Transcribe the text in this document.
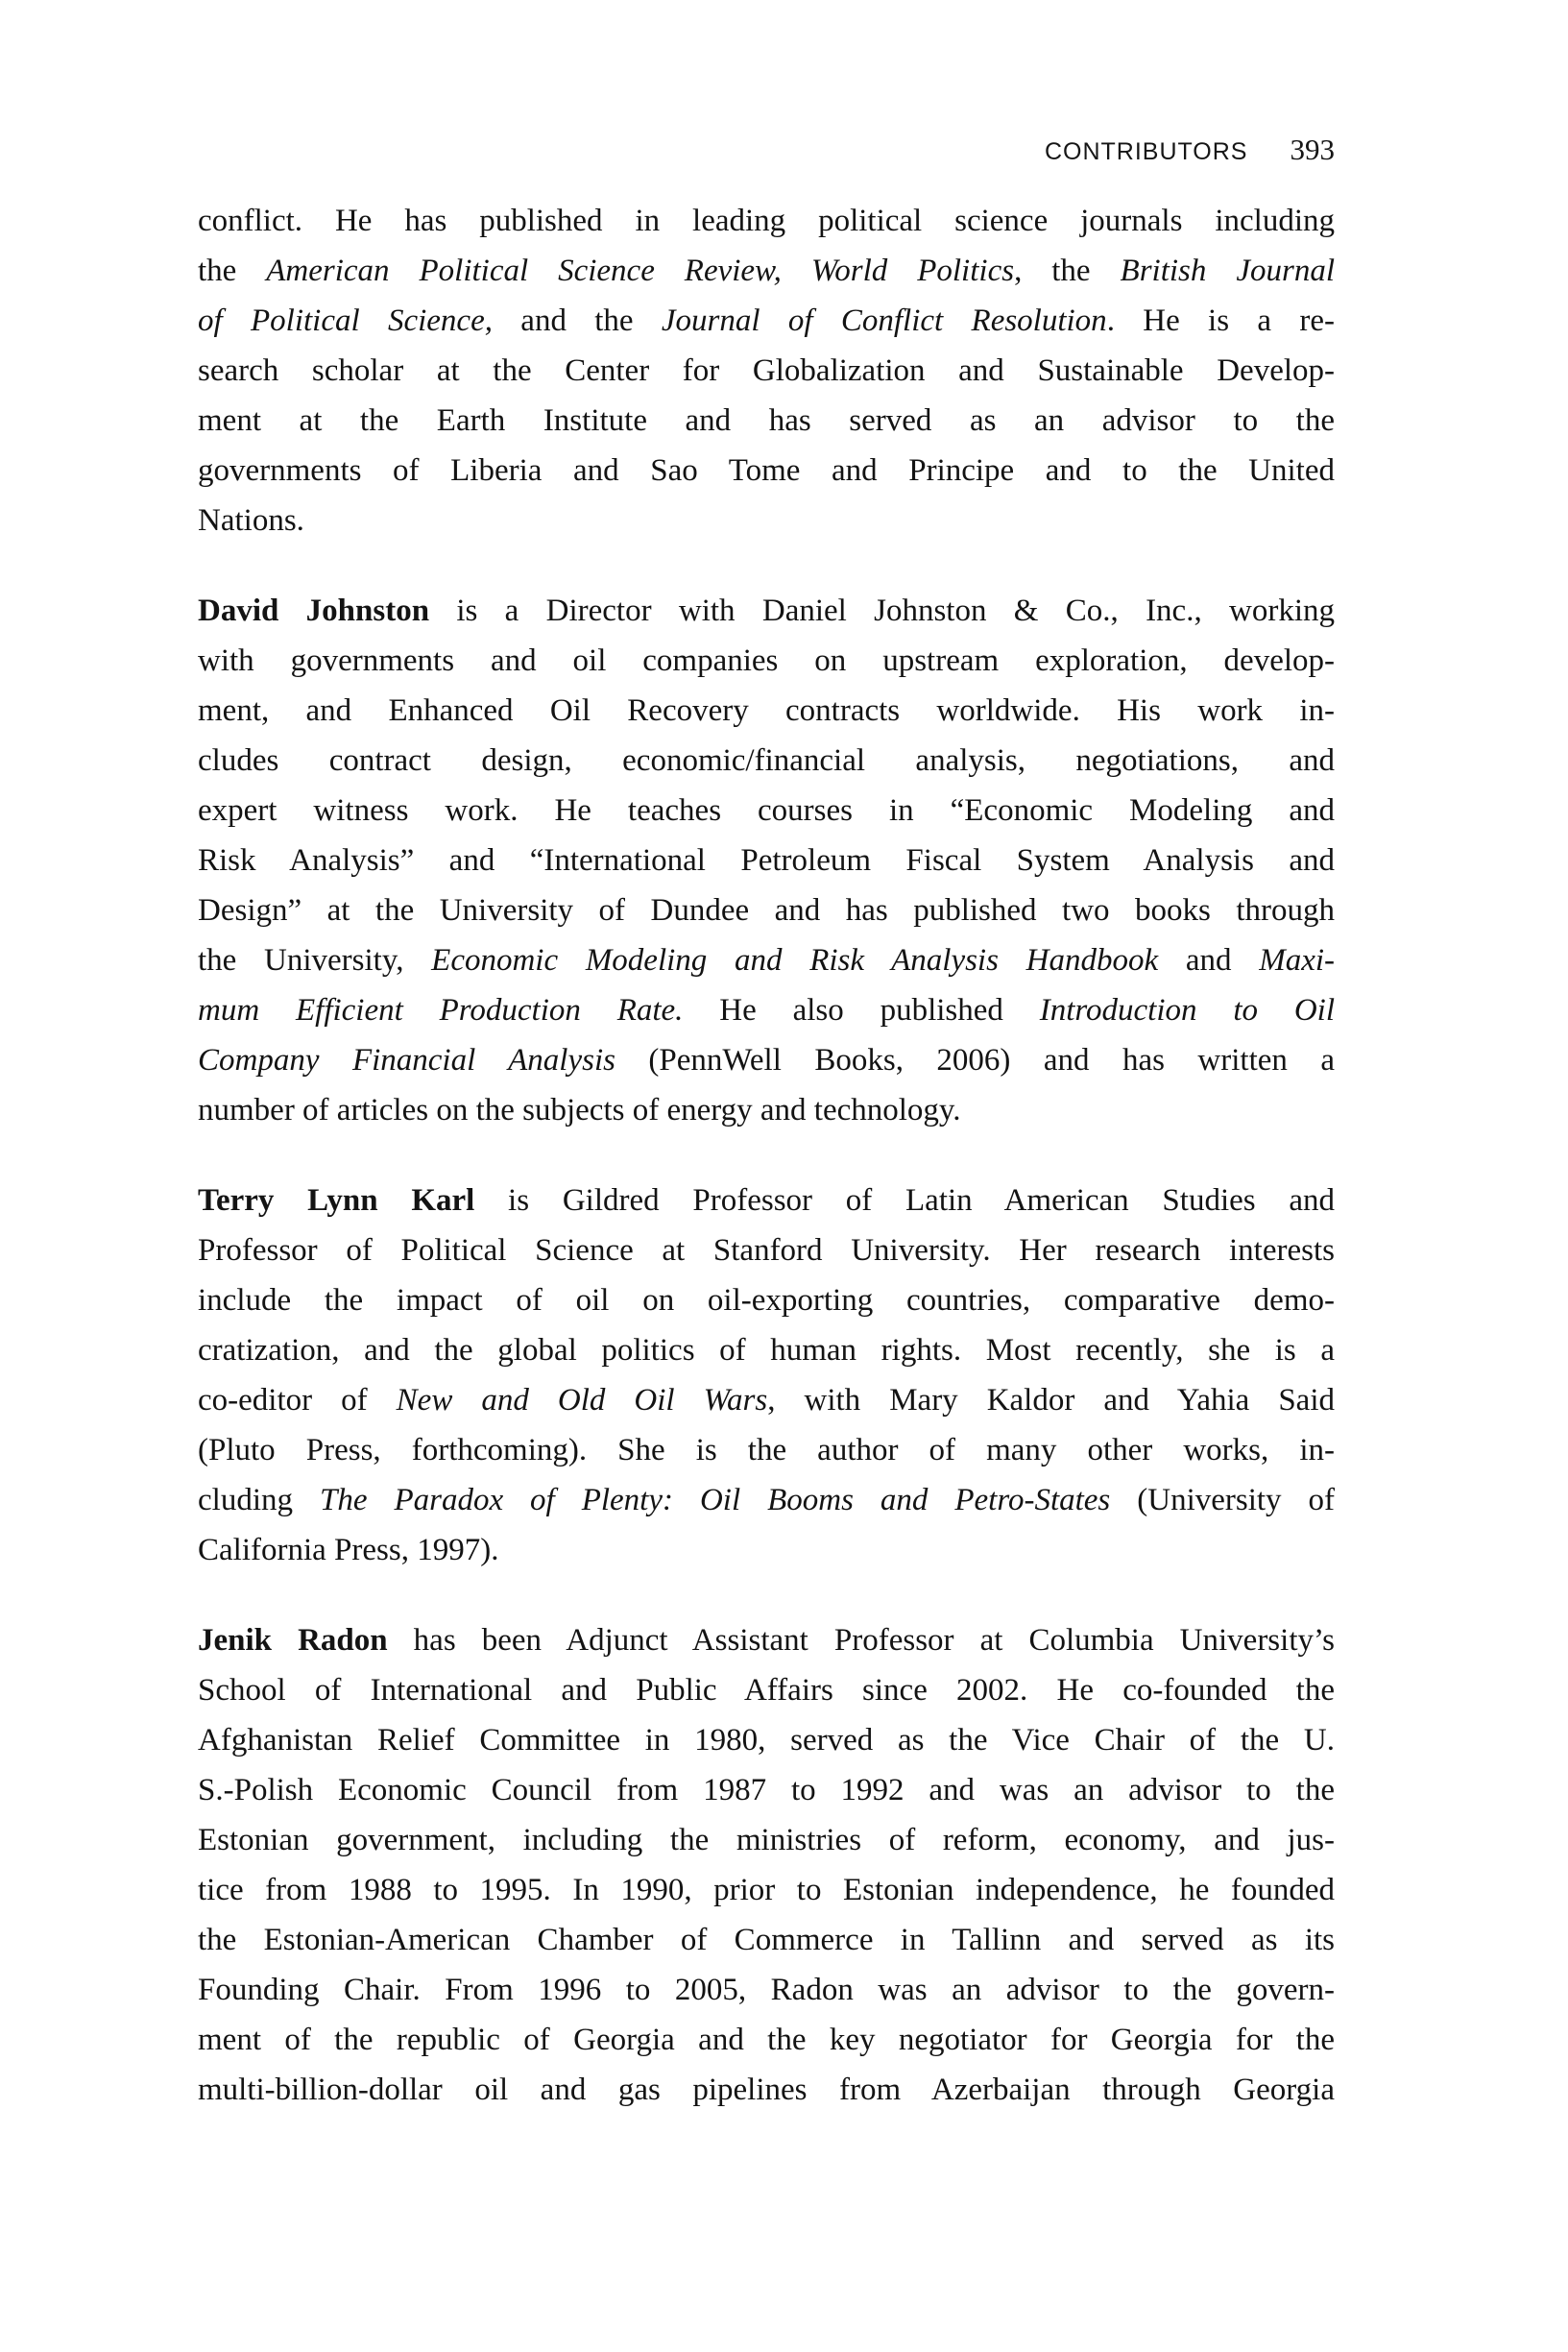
CONTRIBUTORS 393
conflict. He has published in leading political science journals including
the American Political Science Review, World Politics, the British Journal
of Political Science, and the Journal of Conflict Resolution. He is a re-
search scholar at the Center for Globalization and Sustainable Develop-
ment at the Earth Institute and has served as an advisor to the
governments of Liberia and Sao Tome and Principe and to the United
Nations.
David Johnston is a Director with Daniel Johnston & Co., Inc., working
with governments and oil companies on upstream exploration, develop-
ment, and Enhanced Oil Recovery contracts worldwide. His work in-
cludes contract design, economic/financial analysis, negotiations, and
expert witness work. He teaches courses in “Economic Modeling and
Risk Analysis” and “International Petroleum Fiscal System Analysis and
Design” at the University of Dundee and has published two books through
the University, Economic Modeling and Risk Analysis Handbook and Maxi-
mum Efficient Production Rate. He also published Introduction to Oil
Company Financial Analysis (PennWell Books, 2006) and has written a
number of articles on the subjects of energy and technology.
Terry Lynn Karl is Gildred Professor of Latin American Studies and
Professor of Political Science at Stanford University. Her research interests
include the impact of oil on oil-exporting countries, comparative demo-
cratization, and the global politics of human rights. Most recently, she is a
co-editor of New and Old Oil Wars, with Mary Kaldor and Yahia Said
(Pluto Press, forthcoming). She is the author of many other works, in-
cluding The Paradox of Plenty: Oil Booms and Petro-States (University of
California Press, 1997).
Jenik Radon has been Adjunct Assistant Professor at Columbia University’s
School of International and Public Affairs since 2002. He co-founded the
Afghanistan Relief Committee in 1980, served as the Vice Chair of the U.
S.-Polish Economic Council from 1987 to 1992 and was an advisor to the
Estonian government, including the ministries of reform, economy, and jus-
tice from 1988 to 1995. In 1990, prior to Estonian independence, he founded
the Estonian-American Chamber of Commerce in Tallinn and served as its
Founding Chair. From 1996 to 2005, Radon was an advisor to the govern-
ment of the republic of Georgia and the key negotiator for Georgia for the
multi-billion-dollar oil and gas pipelines from Azerbaijan through Georgia
